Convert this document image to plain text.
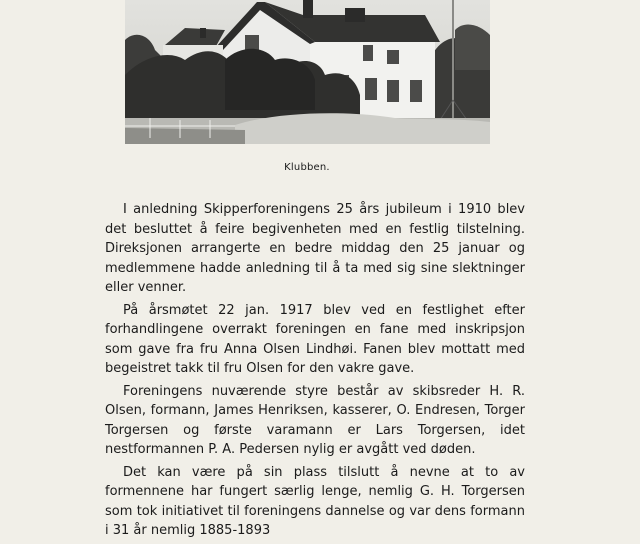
Klubben.

I anledning Skipperforeningens 25 års jubileum i 1910 blev det besluttet å feire begivenheten med en festlig tilstelning. Direksjonen arrangerte en bedre middag den 25 januar og medlemmene hadde anledning til å ta med sig sine slektninger eller venner.

På årsmøtet 22 jan. 1917 blev ved en festlighet efter forhandlingene overrakt foreningen en fane med inskripsjon som gave fra fru Anna Olsen Lindhøi. Fanen blev mottatt med begeistret takk til fru Olsen for den vakre gave.

Foreningens nuværende styre består av skibsreder H. R. Olsen, formann, James Henriksen, kasserer, O. Endresen, Torger Torgersen og første varamann er Lars Torgersen, idet nestformannen P. A. Pedersen nylig er avgått ved døden.

Det kan være på sin plass tilslutt å nevne at to av formennene har fungert særlig lenge, nemlig G. H. Torgersen som tok initiativet til foreningens dannelse og var dens formann i 31 år nemlig 1885-1893
